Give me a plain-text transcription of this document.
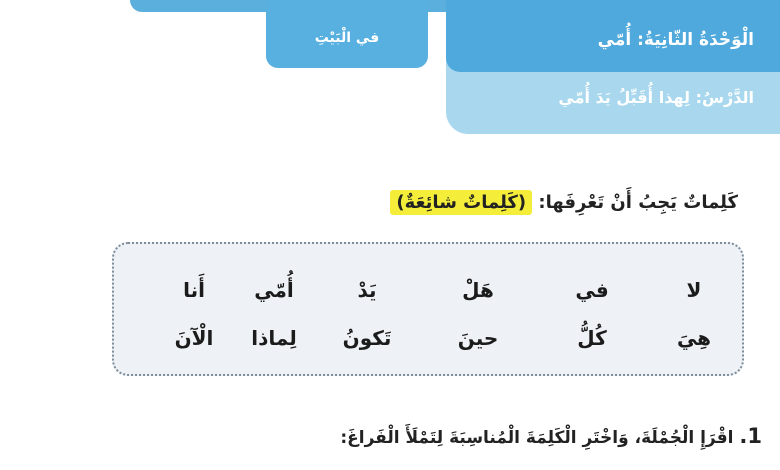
الدَّرْسُ: لِهذا أُقَبِّلُ يَدَ أُمّي
الْوَحْدَةُ الثّانِيَةُ: أُمّي
في الْبَيْتِ
كَلِماتٌ يَجِبُ أَنْ تَعْرِفَها: (كَلِماتٌ شائِعَةٌ)
لا
في
هَلْ
يَدْ
أُمّي
أَنا
هِيَ
كُلُّ
حينَ
تَكونُ
لِماذا
الْآنَ
1. اقْرَإِ الْجُمْلَةَ، وَاخْتَرِ الْكَلِمَةَ الْمُناسِبَةَ لِتَمْلَأَ الْفَراغَ:
